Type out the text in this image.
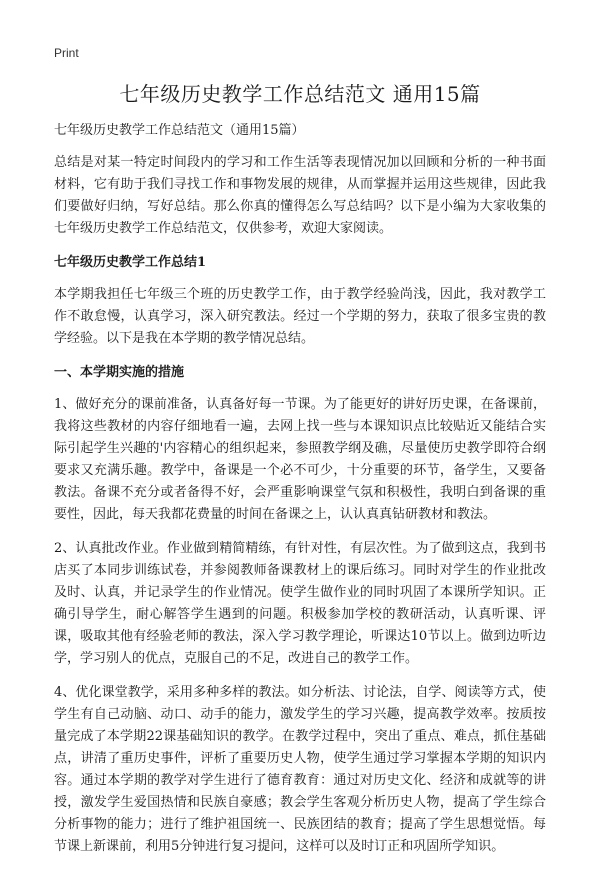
Print
七年级历史教学工作总结范文 通用15篇

七年级历史教学工作总结范文（通用15篇）

总结是对某一特定时间段内的学习和工作生活等表现情况加以回顾和分析的一种书面材料，它有助于我们寻找工作和事物发展的规律，从而掌握并运用这些规律，因此我们要做好归纳，写好总结。那么你真的懂得怎么写总结吗？以下是小编为大家收集的七年级历史教学工作总结范文，仅供参考，欢迎大家阅读。

七年级历史教学工作总结1

本学期我担任七年级三个班的历史教学工作，由于教学经验尚浅，因此，我对教学工作不敢怠慢，认真学习，深入研究教法。经过一个学期的努力，获取了很多宝贵的教学经验。以下是我在本学期的教学情况总结。

一、本学期实施的措施

1、做好充分的课前准备，认真备好每一节课。为了能更好的讲好历史课，在备课前，我将这些教材的内容仔细地看一遍，去网上找一些与本课知识点比较贴近又能结合实际引起学生兴趣的'内容精心的组织起来，参照教学纲及礁，尽量使历史教学即符合纲要求又充满乐趣。教学中，备课是一个必不可少，十分重要的环节，备学生，又要备教法。备课不充分或者备得不好，会严重影响课堂气氛和积极性，我明白到备课的重要性，因此，每天我都花费量的时间在备课之上，认认真真钻研教材和教法。

2、认真批改作业。作业做到精简精练，有针对性，有层次性。为了做到这点，我到书店买了本同步训练试卷，并参阅教师备课教材上的课后练习。同时对学生的作业批改及时、认真，并记录学生的作业情况。使学生做作业的同时巩固了本课所学知识。正确引导学生，耐心解答学生遇到的问题。积极参加学校的教研活动，认真听课、评课，吸取其他有经验老师的教法，深入学习教学理论，听课达10节以上。做到边听边学，学习别人的优点，克服自己的不足，改进自己的教学工作。

4、优化课堂教学，采用多种多样的教法。如分析法、讨论法，自学、阅读等方式，使学生有自己动脑、动口、动手的能力，激发学生的学习兴趣，提高教学效率。按质按量完成了本学期22课基础知识的教学。在教学过程中，突出了重点、难点，抓住基础点，讲清了重历史事件，评析了重要历史人物，使学生通过学习掌握本学期的知识内容。通过本学期的教学对学生进行了德育教育：通过对历史文化、经济和成就等的讲授，激发学生爱国热情和民族自豪感；教会学生客观分析历史人物，提高了学生综合分析事物的能力；进行了维护祖国统一、民族团结的教育；提高了学生思想觉悟。每节课上新课前，利用5分钟进行复习提问，这样可以及时订正和巩固所学知识。
